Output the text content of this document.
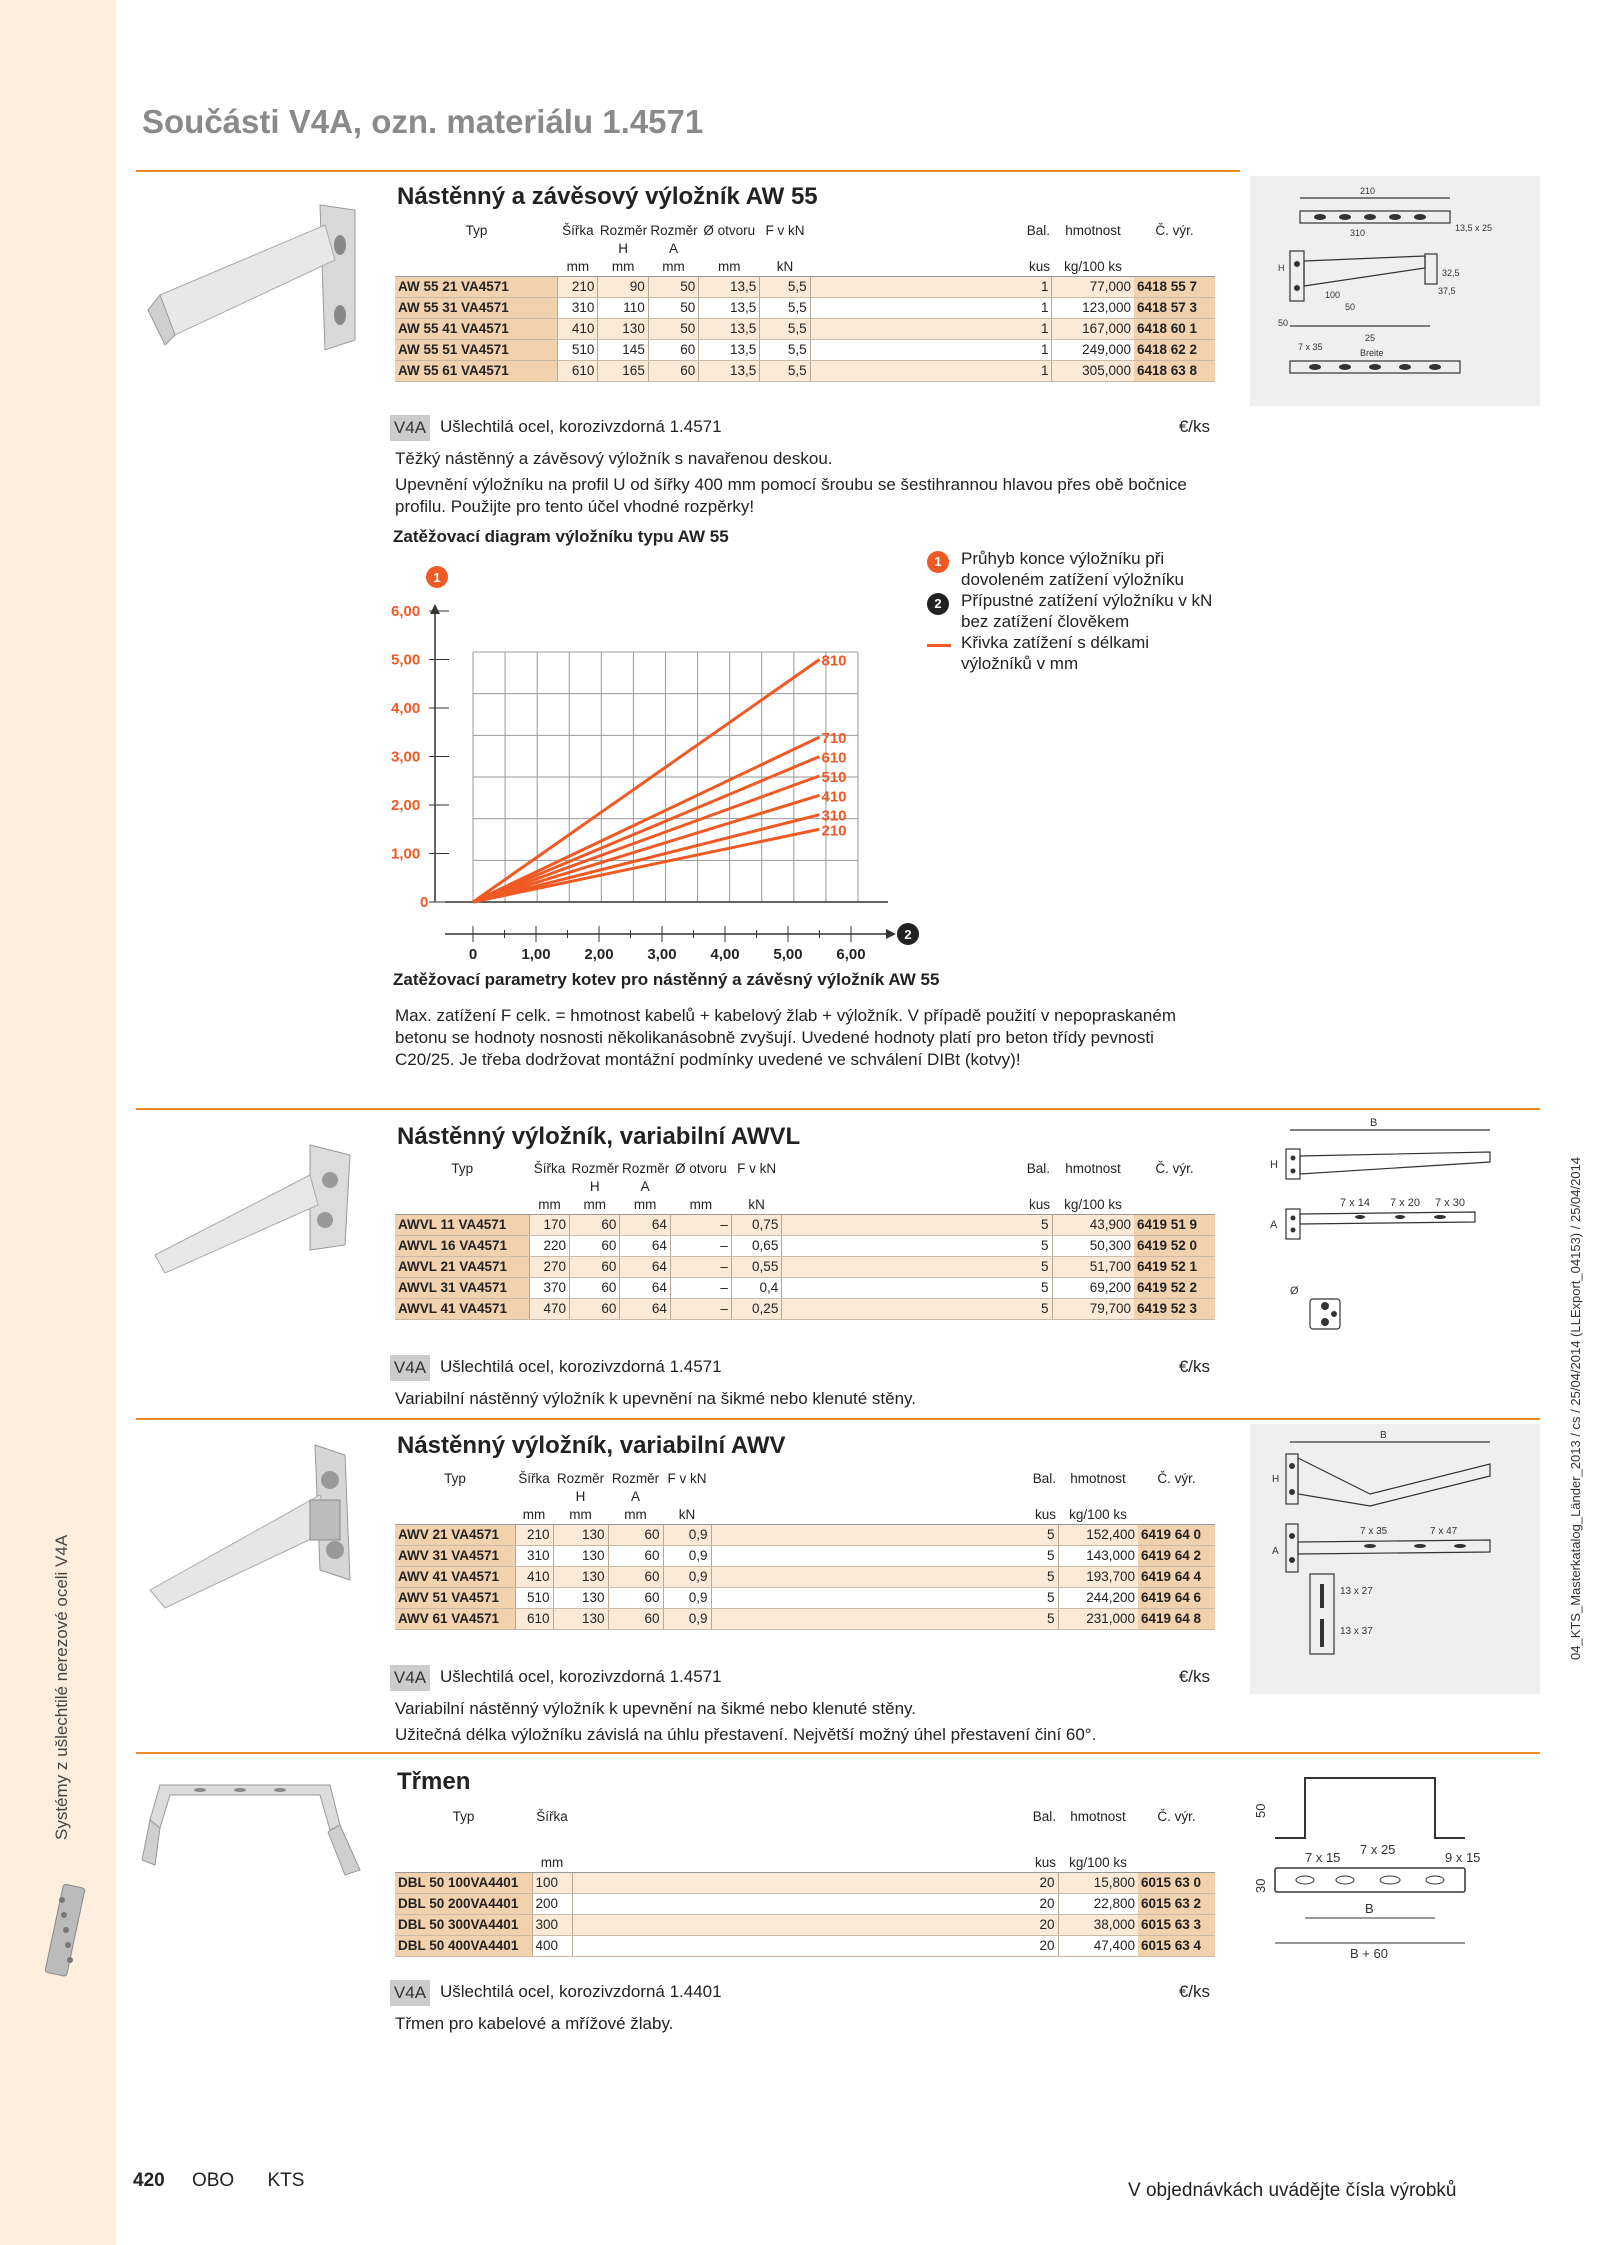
Systémy z ušlechtilé nerezové oceli V4A
04_KTS_Masterkatalog_Länder_2013 / cs / 25/04/2014 (LLExport_04153) / 25/04/2014
Součásti V4A, ozn. materiálu 1.4571
Nástěnný a závěsový výložník AW 55
Typ	Šířka	Rozměr H	Rozměr A	Ø otvoru	F v kN	Bal.	hmotnost	Č. výr.
	mm	mm	mm	mm	kN	kus	kg/100 ks	
AW 55 21 VA4571	210	90	50	13,5	5,5	1	77,000	6418 55 7
AW 55 31 VA4571	310	110	50	13,5	5,5	1	123,000	6418 57 3
AW 55 41 VA4571	410	130	50	13,5	5,5	1	167,000	6418 60 1
AW 55 51 VA4571	510	145	60	13,5	5,5	1	249,000	6418 62 2
AW 55 61 VA4571	610	165	60	13,5	5,5	1	305,000	6418 63 8
210
310	13,5 x 25
100
50
37,5
32,5
7 x 35
Breite
H
50
25
V4A Ušlechtilá ocel, korozivzdorná 1.4571	€/ks

Těžký nástěnný a závěsový výložník s navařenou deskou.

Upevnění výložníku na profil U od šířky 400 mm pomocí šroubu se šestihrannou hlavou přes obě bočnice profilu. Použijte pro tento účel vhodné rozpěrky!

Zatěžovací diagram výložníku typu AW 55
0
1,00
2,00
3,00
4,00
5,00
6,00
0	1,00 2,00 3,00 4,00 5,00 6,00
1
2
810
710
610
510
410
310
210
1	Průhyb konce výložníku při dovoleném zatížení výložníku
2	Přípustné zatížení výložníku v kN bez zatížení člověkem
Křivka zatížení s délkami výložníků v mm
Zatěžovací parametry kotev pro nástěnný a závěsný výložník AW 55

Max. zatížení F celk. = hmotnost kabelů + kabelový žlab + výložník. V případě použití v nepopraskaném betonu se hodnoty nosnosti několikanásobně zvyšují. Uvedené hodnoty platí pro beton třídy pevnosti C20/25. Je třeba dodržovat montážní podmínky uvedené ve schválení DIBt (kotvy)!

Nástěnný výložník, variabilní AWVL
Typ	Šířka	Rozměr H	Rozměr A	Ø otvoru	F v kN	Bal.	hmotnost	Č. výr.
	mm	mm	mm	mm	kN	kus	kg/100 ks	
AWVL 11 VA4571	170	60	64	–	0,75	5	43,900	6419 51 9
AWVL 16 VA4571	220	60	64	–	0,65	5	50,300	6419 52 0
AWVL 21 VA4571	270	60	64	–	0,55	5	51,700	6419 52 1
AWVL 31 VA4571	370	60	64	–	0,4	5	69,200	6419 52 2
AWVL 41 VA4571	470	60	64	–	0,25	5	79,700	6419 52 3
B
H
7 x 14 7 x 20 7 x 30
A
Ø
V4A Ušlechtilá ocel, korozivzdorná 1.4571	€/ks

Variabilní nástěnný výložník k upevnění na šikmé nebo klenuté stěny.

Nástěnný výložník, variabilní AWV
Typ	Šířka	Rozměr H	Rozměr A	F v kN	Bal.	hmotnost	Č. výr.
	mm	mm	mm	kN	kus	kg/100 ks	
AWV 21 VA4571	210	130	60	0,9	5	152,400	6419 64 0
AWV 31 VA4571	310	130	60	0,9	5	143,000	6419 64 2
AWV 41 VA4571	410	130	60	0,9	5	193,700	6419 64 4
AWV 51 VA4571	510	130	60	0,9	5	244,200	6419 64 6
AWV 61 VA4571	610	130	60	0,9	5	231,000	6419 64 8
B
H
7 x 35	7 x 47
A
13 x 27
13 x 37
V4A Ušlechtilá ocel, korozivzdorná 1.4571	€/ks

Variabilní nástěnný výložník k upevnění na šikmé nebo klenuté stěny.

Užitečná délka výložníku závislá na úhlu přestavení. Největší možný úhel přestavení činí 60°.

Třmen
Typ	Šířka	Bal.	hmotnost	Č. výr.
	mm	kus	kg/100 ks	
DBL 50 100VA4401	100	20	15,800	6015 63 0
DBL 50 200VA4401	200	20	22,800	6015 63 2
DBL 50 300VA4401	300	20	38,000	6015 63 3
DBL 50 400VA4401	400	20	47,400	6015 63 4
50
7 x 25
7 x 15	9 x 15
30
B
B + 60
V4A Ušlechtilá ocel, korozivzdorná 1.4401	€/ks

Třmen pro kabelové a mřížové žlaby.

420 OBO KTS	V objednávkách uvádějte čísla výrobků
